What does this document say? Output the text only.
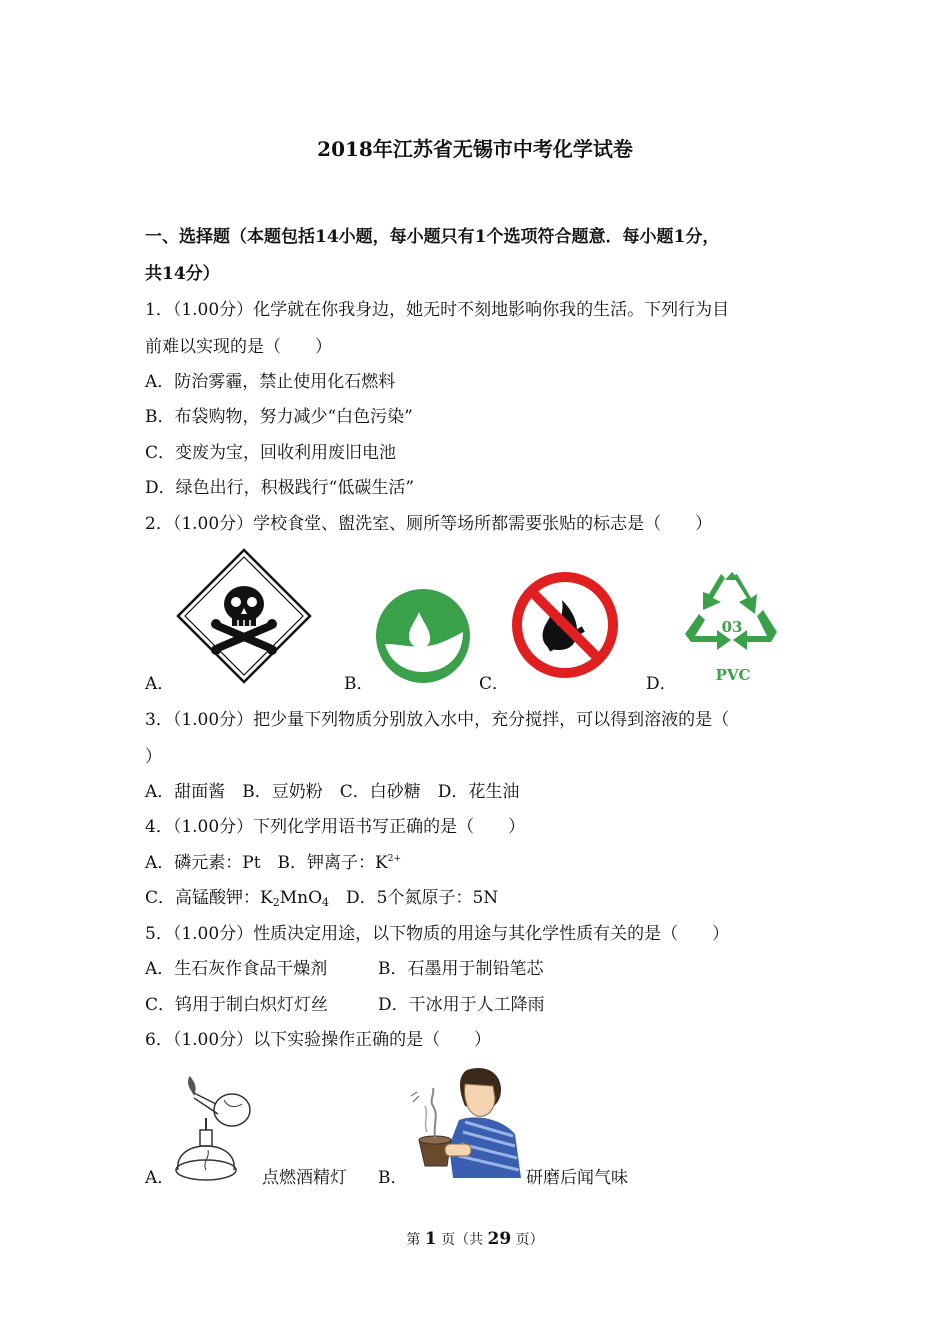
2018年江苏省无锡市中考化学试卷
一、选择题（本题包括14小题，每小题只有1个选项符合题意．每小题1分，
共14分）
1．（1.00分）化学就在你我身边，她无时不刻地影响你我的生活。下列行为目
前难以实现的是（　　）
A．防治雾霾，禁止使用化石燃料
B．布袋购物，努力减少“白色污染”
C．变废为宝，回收利用废旧电池
D．绿色出行，积极践行“低碳生活”
2．（1.00分）学校食堂、盥洗室、厕所等场所都需要张贴的标志是（　　）
A．	B．	C．	D．
03
PVC
3．（1.00分）把少量下列物质分别放入水中，充分搅拌，可以得到溶液的是（
）
A．甜面酱　B．豆奶粉　C．白砂糖　D．花生油
4．（1.00分）下列化学用语书写正确的是（　　）
A．磷元素：Pt　B．钾离子：$K^{2+}$
C．高锰酸钾：$K_2MnO_4$　D．5个氮原子：5N
5．（1.00分）性质决定用途，以下物质的用途与其化学性质有关的是（　　）
A．生石灰作食品干燥剂	B．石墨用于制铅笔芯
C．钨用于制白炽灯灯丝	D．干冰用于人工降雨
6．（1.00分）以下实验操作正确的是（　　）
A．	点燃酒精灯 B．	研磨后闻气味
第 1 页（共 29 页）
